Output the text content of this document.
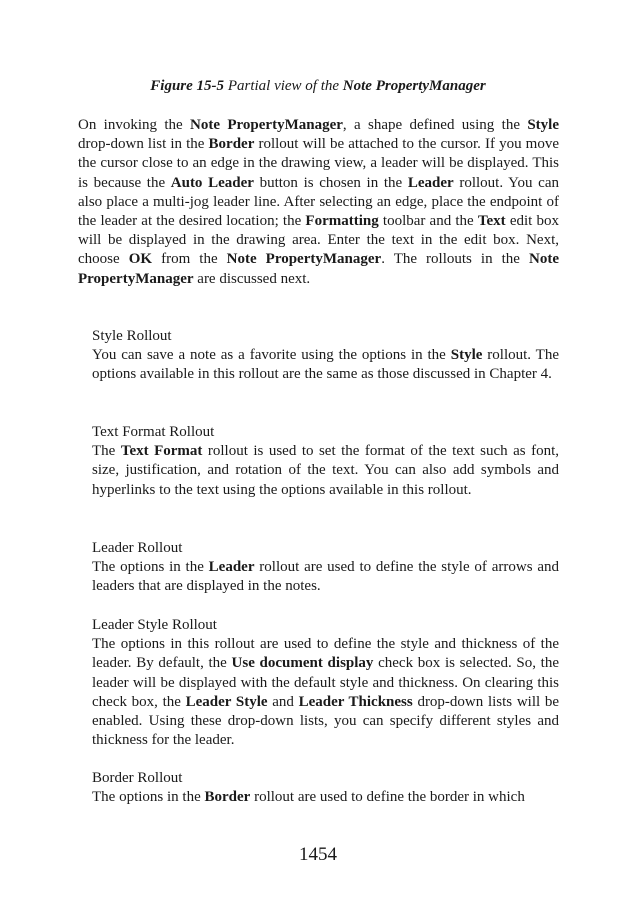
Figure 15-5 Partial view of the Note PropertyManager

On invoking the Note PropertyManager, a shape defined using the Style drop-down list in the Border rollout will be attached to the cursor. If you move the cursor close to an edge in the drawing view, a leader will be displayed. This is because the Auto Leader button is chosen in the Leader rollout. You can also place a multi-jog leader line. After selecting an edge, place the endpoint of the leader at the desired location; the Formatting toolbar and the Text edit box will be displayed in the drawing area. Enter the text in the edit box. Next, choose OK from the Note PropertyManager. The rollouts in the Note PropertyManager are discussed next.

Style Rollout

You can save a note as a favorite using the options in the Style rollout. The options available in this rollout are the same as those discussed in Chapter 4.

Text Format Rollout

The Text Format rollout is used to set the format of the text such as font, size, justification, and rotation of the text. You can also add symbols and hyperlinks to the text using the options available in this rollout.

Leader Rollout

The options in the Leader rollout are used to define the style of arrows and leaders that are displayed in the notes.

Leader Style Rollout

The options in this rollout are used to define the style and thickness of the leader. By default, the Use document display check box is selected. So, the leader will be displayed with the default style and thickness. On clearing this check box, the Leader Style and Leader Thickness drop-down lists will be enabled. Using these drop-down lists, you can specify different styles and thickness for the leader.

Border Rollout

The options in the Border rollout are used to define the border in which

1454
